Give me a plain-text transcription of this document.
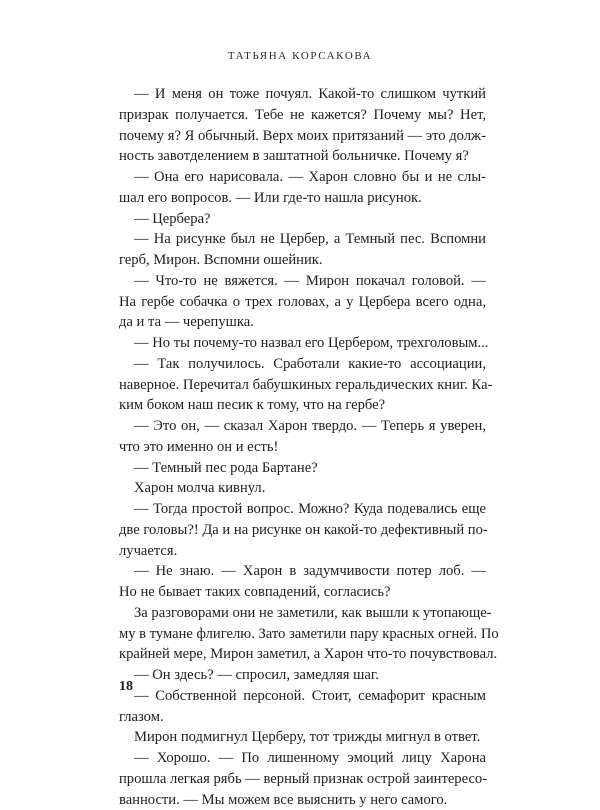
ТАТЬЯНА КОРСАКОВА
— И меня он тоже почуял. Какой-то слишком чуткий
призрак получается. Тебе не кажется? Почему мы? Нет,
почему я? Я обычный. Верх моих притязаний — это долж-
ность завотделением в заштатной больничке. Почему я?
— Она его нарисовала. — Харон словно бы и не слы-
шал его вопросов. — Или где-то нашла рисунок.
— Цербера?
— На рисунке был не Цербер, а Темный пес. Вспомни
герб, Мирон. Вспомни ошейник.
— Что-то не вяжется. — Мирон покачал головой. —
На гербе собачка о трех головах, а у Цербера всего одна,
да и та — черепушка.
— Но ты почему-то назвал его Цербером, трехголовым...
— Так получилось. Сработали какие-то ассоциации,
наверное. Перечитал бабушкиных геральдических книг. Ка-
ким боком наш песик к тому, что на гербе?
— Это он, — сказал Харон твердо. — Теперь я уверен,
что это именно он и есть!
— Темный пес рода Бартане?
Харон молча кивнул.
— Тогда простой вопрос. Можно? Куда подевались еще
две головы?! Да и на рисунке он какой-то дефективный по-
лучается.
— Не знаю. — Харон в задумчивости потер лоб. —
Но не бывает таких совпадений, согласись?
За разговорами они не заметили, как вышли к утопающе-
му в тумане флигелю. Зато заметили пару красных огней. По
крайней мере, Мирон заметил, а Харон что-то почувствовал.
— Он здесь? — спросил, замедляя шаг.
— Собственной персоной. Стоит, семафорит красным
глазом.
Мирон подмигнул Церберу, тот трижды мигнул в ответ.
— Хорошо. — По лишенному эмоций лицу Харона
прошла легкая рябь — верный признак острой заинтересо-
ванности. — Мы можем все выяснить у него самого.
18
